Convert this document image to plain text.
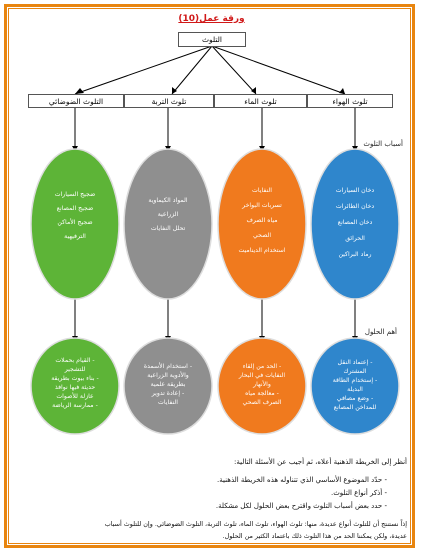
ورقة عمل(10)
التلوث
تلوث الهواء
تلوث الماء
تلوث التربة
التلوث الضوضائي
أسباب التلوث
أهم الحلول
دخان السيارات
دخان الطائرات
دخان المصانع
الحرائق
رماد البراكين
النفايات
تسربات البواخر
مياه الصرف
الصحي
استخدام الديناميت
المواد الكيماوية
الزراعية
تحلل النفايات
ضجيج السيارات
ضجيج المصانع
ضجيج الأماكن
الترفيهية
- إعتماد النقل
المشترك
- إستخدام الطاقة
البديلة
- وضع مصافي
للمداخن المصانع
- الحد من إلقاء
النفايات في البحار
والأنهار
- معالجة مياه
الصرف الصحي
- استخدام الأسمدة
والأدوية الزراعية
بطريقة علمية
- إعادة تدوير
النفايات
- القيام بحملات
للتشجير
- بناء بيوت بطريقة
حديثة فيها نوافذ
عازلة للأصوات
- ممارسة الرياضة
أنظر إلى الخريطة الذهنية أعلاه، ثم أجيب عن الأسئلة التالية:
- حدّد الموضوع الأساسي الذي تتناوله هذه الخريطة الذهنية.
- أذكر أنواع التلوث.
- حدد بعض أسباب التلوث واقترح بعض الحلول لكل مشكلة.
إذاً نستنتج أن للتلوث أنواع عديدة، منها: تلوث الهواء، تلوث الماء، تلوث التربة، التلوث الضوضائي. وإن للتلوث أسباب
عديدة، ولكن يمكننا الحد من هذا التلوث ذلك باعتماد الكثير من الحلول.
